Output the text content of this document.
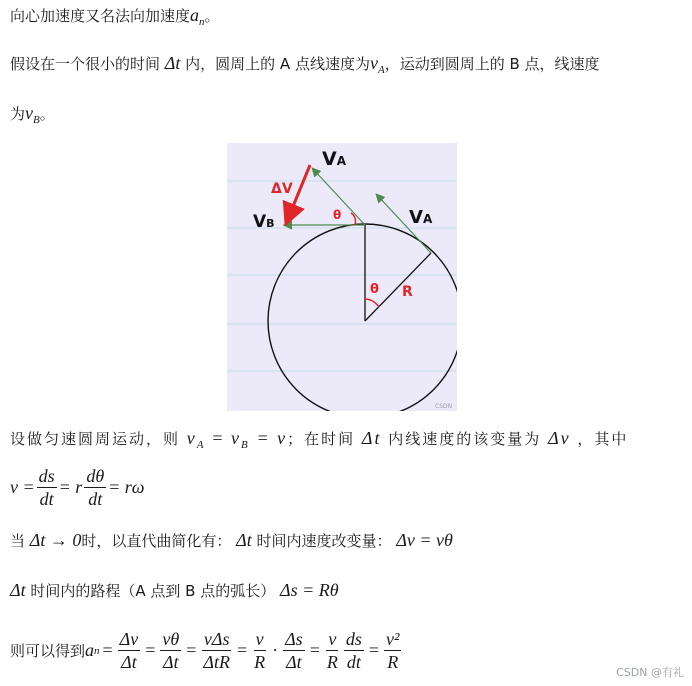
向心加速度又名法向加速度$a_n$。
假设在一个很小的时间 Δt 内，圆周上的 A 点线速度为$v_A$，运动到圆周上的 B 点，线速度
为$v_B$。
VA
ΔV
VB
θ	VA
θ R
CSDN
设做匀速圆周运动，则 $v_A = v_B = v$；在时间 Δt 内线速度的该变量为 Δv ，其中
$v = \frac{ds}{dt} = r \frac{d\theta}{dt} = r\omega$
当 Δt → 0时，以直代曲简化有： Δt 时间内速度改变量： Δv = vθ
Δt 时间内的路程（A 点到 B 点的弧长） Δs = Rθ
则可以得到 a $n = \frac{\Delta v}{\Delta t} = \frac{v\theta}{\Delta t} = \frac{\text{vΔs}}{\text{ΔtR}} = \frac{v}{R} \cdot \frac{\Delta s}{\Delta t} = \frac{v}{R} \frac{ds}{dt} = \frac{\text{v²}}{R}$	CSDN @有礼
